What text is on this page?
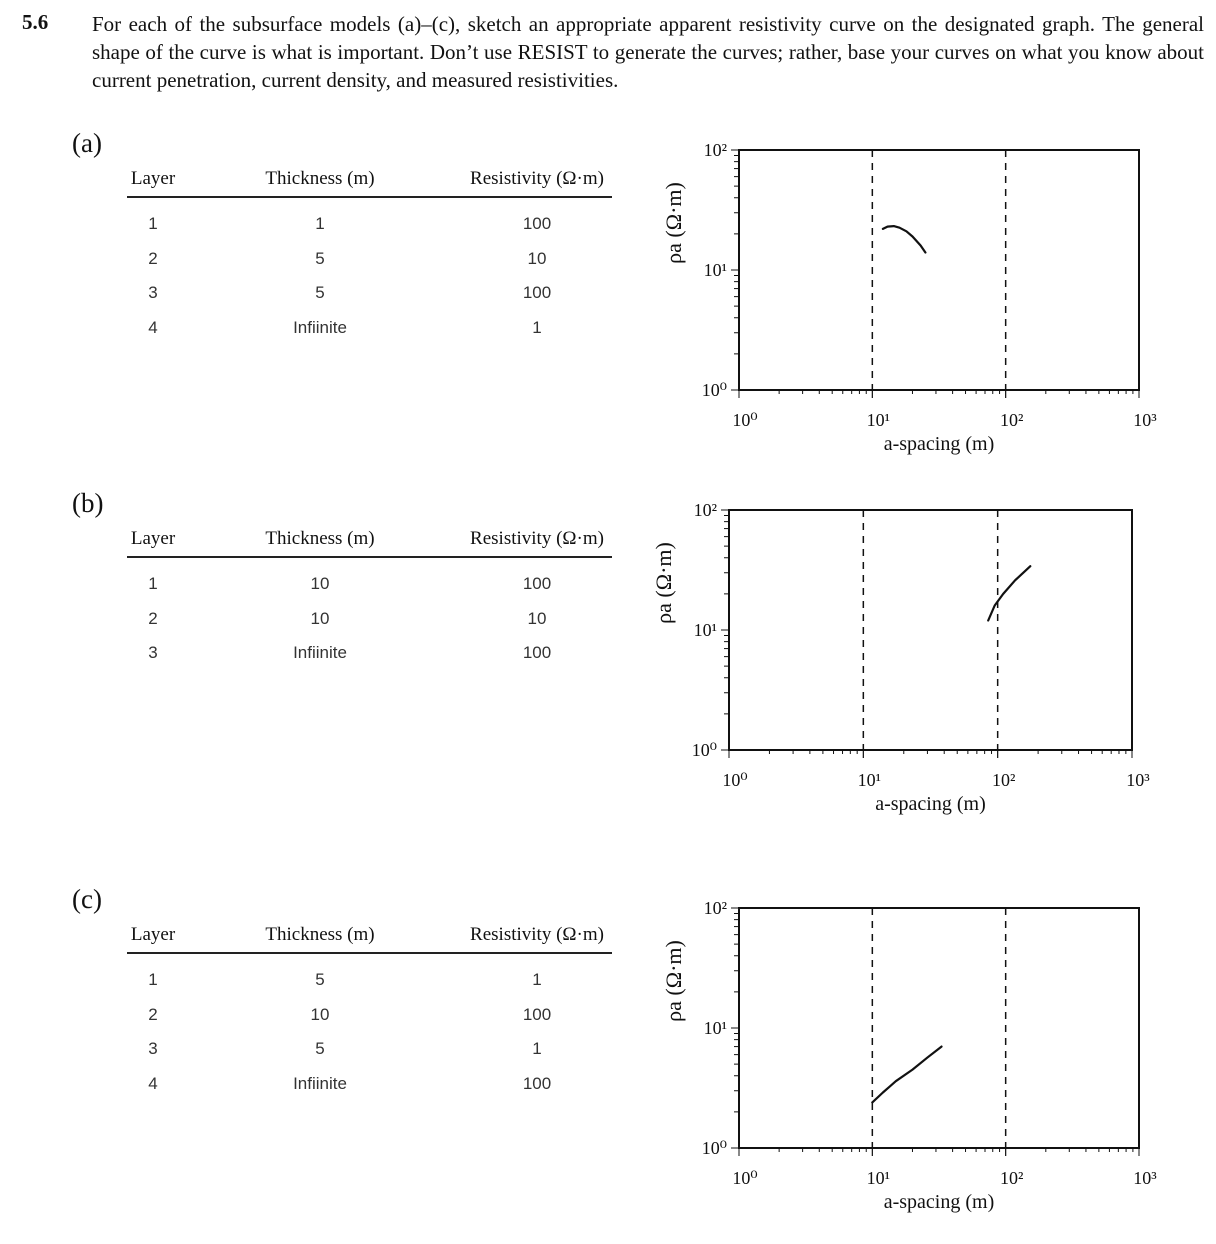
5.6 For each of the subsurface models (a)–(c), sketch an appropriate apparent resistivity curve on the designated graph. The general shape of the curve is what is important. Don’t use RESIST to generate the curves; rather, base your curves on what you know about current penetration, current density, and measured resistivities.
(a)
Layer	Thickness (m)	Resistivity (Ω·m)
1	1	100
2	5	10
3	5	100
4	Infiinite	1
ρa (Ω·m)
10⁰
10¹
10²
10⁰	10¹	10²	10³
a-spacing (m)
(b)
Layer	Thickness (m)	Resistivity (Ω·m)
1	10	100
2	10	10
3	Infiinite	100
ρa (Ω·m)
10⁰
10¹
10²
10⁰	10¹	10²	10³
a-spacing (m)
(c)
Layer	Thickness (m)	Resistivity (Ω·m)
1	5	1
2	10	100
3	5	1
4	Infiinite	100
ρa (Ω·m)
10⁰
10¹
10²
10⁰	10¹	10²	10³
a-spacing (m)
